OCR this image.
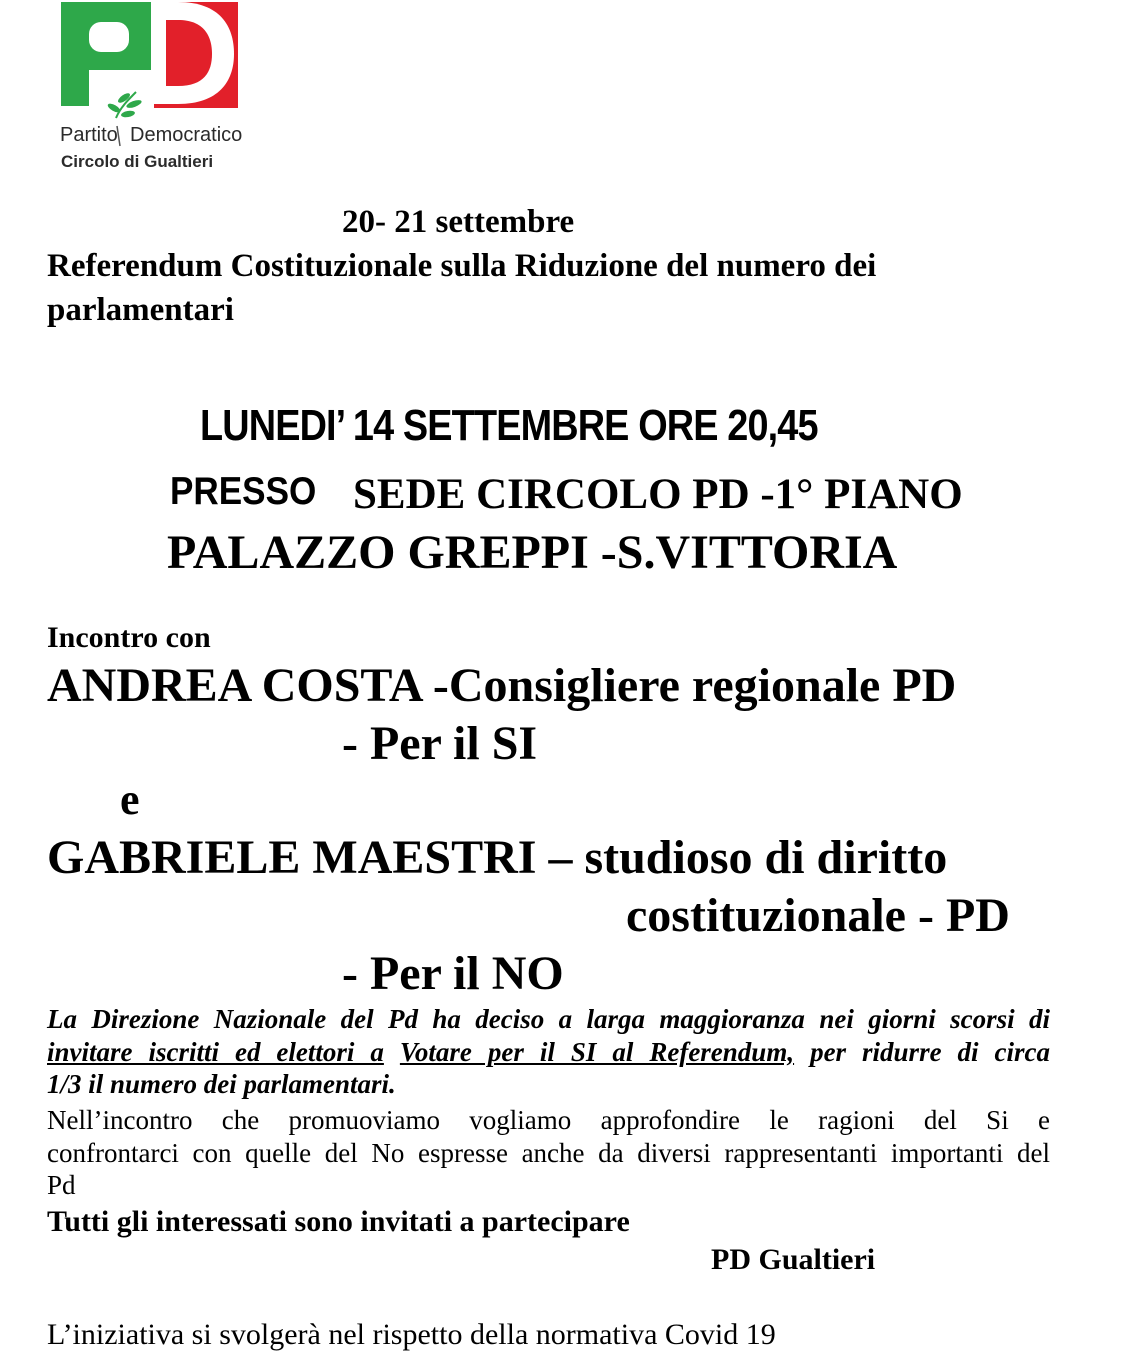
Partito Democratico
Circolo di Gualtieri
20- 21 settembre
Referendum Costituzionale sulla Riduzione del numero dei
parlamentari
LUNEDI’ 14 SETTEMBRE ORE 20,45
PRESSO SEDE CIRCOLO PD -1° PIANO
PALAZZO GREPPI -S.VITTORIA
Incontro con
ANDREA COSTA -Consigliere regionale PD
- Per il SI
e
GABRIELE MAESTRI – studioso di diritto
costituzionale - PD
- Per il NO
La Direzione Nazionale del Pd ha deciso a larga maggioranza nei giorni scorsi di
invitare iscritti ed elettori a Votare per il SI al Referendum, per ridurre di circa
1/3 il numero dei parlamentari.
Nell’incontro che promuoviamo vogliamo approfondire le ragioni del Si e
confrontarci con quelle del No espresse anche da diversi rappresentanti importanti del
Pd
Tutti gli interessati sono invitati a partecipare
PD Gualtieri
L’iniziativa si svolgerà nel rispetto della normativa Covid 19
